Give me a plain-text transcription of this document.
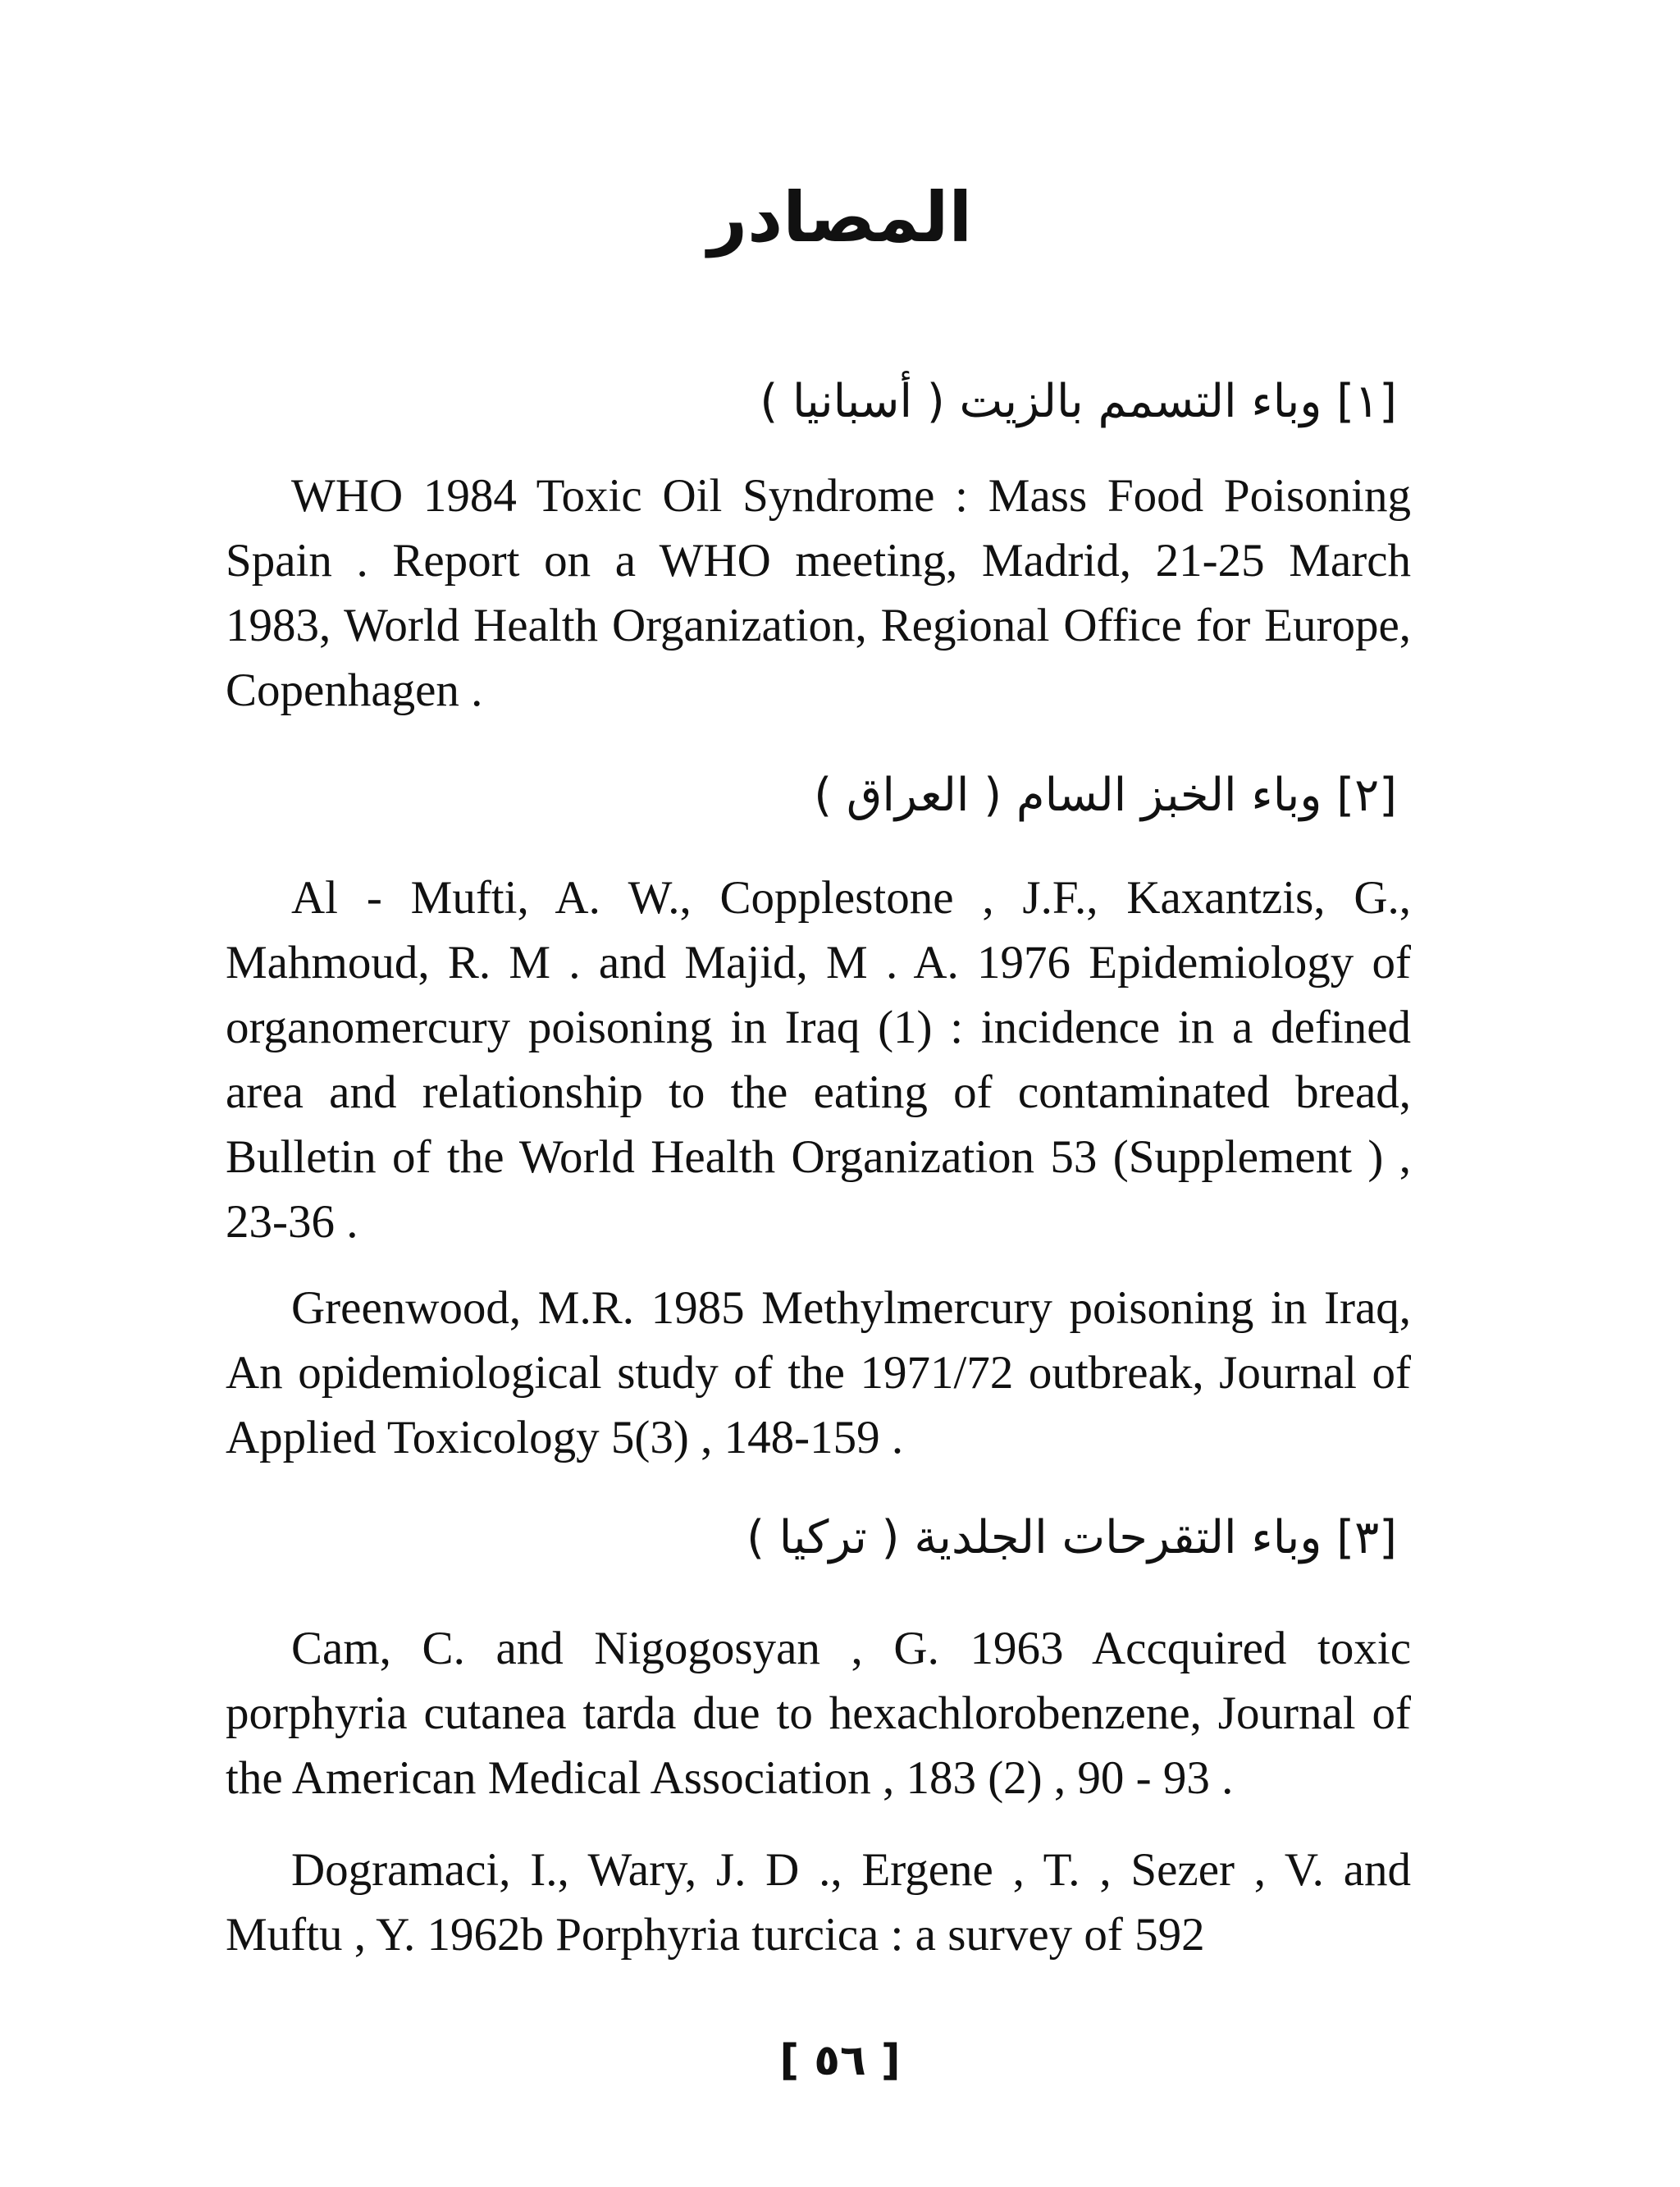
المصادر
[١] وباء التسمم بالزيت ( أسبانيا )
WHO 1984 Toxic Oil Syndrome : Mass Food Poisoning Spain . Report on a WHO meeting, Madrid, 21-25 March 1983, World Health Organization, Regional Office for Europe, Copenhagen .
[٢] وباء الخبز السام ( العراق )
Al - Mufti, A. W., Copplestone , J.F., Kaxantzis, G., Mahmoud, R. M . and Majid, M . A. 1976 Epidemiology of organomercury poisoning in Iraq (1) : incidence in a defined area and relationship to the eating of contaminated bread, Bulletin of the World Health Organization 53 (Supplement ) , 23-36 .
Greenwood, M.R. 1985 Methylmercury poisoning in Iraq, An opidemiological study of the 1971/72 outbreak, Journal of Applied Toxicology 5(3) , 148-159 .
[٣] وباء التقرحات الجلدية ( تركيا )
Cam, C. and Nigogosyan , G. 1963 Accquired toxic porphyria cutanea tarda due to hexachlorobenzene, Journal of the American Medical Association , 183 (2) , 90 - 93 .
Dogramaci, I., Wary, J. D ., Ergene , T. , Sezer , V. and Muftu , Y. 1962b Porphyria turcica : a survey of 592
[ ٥٦ ]
